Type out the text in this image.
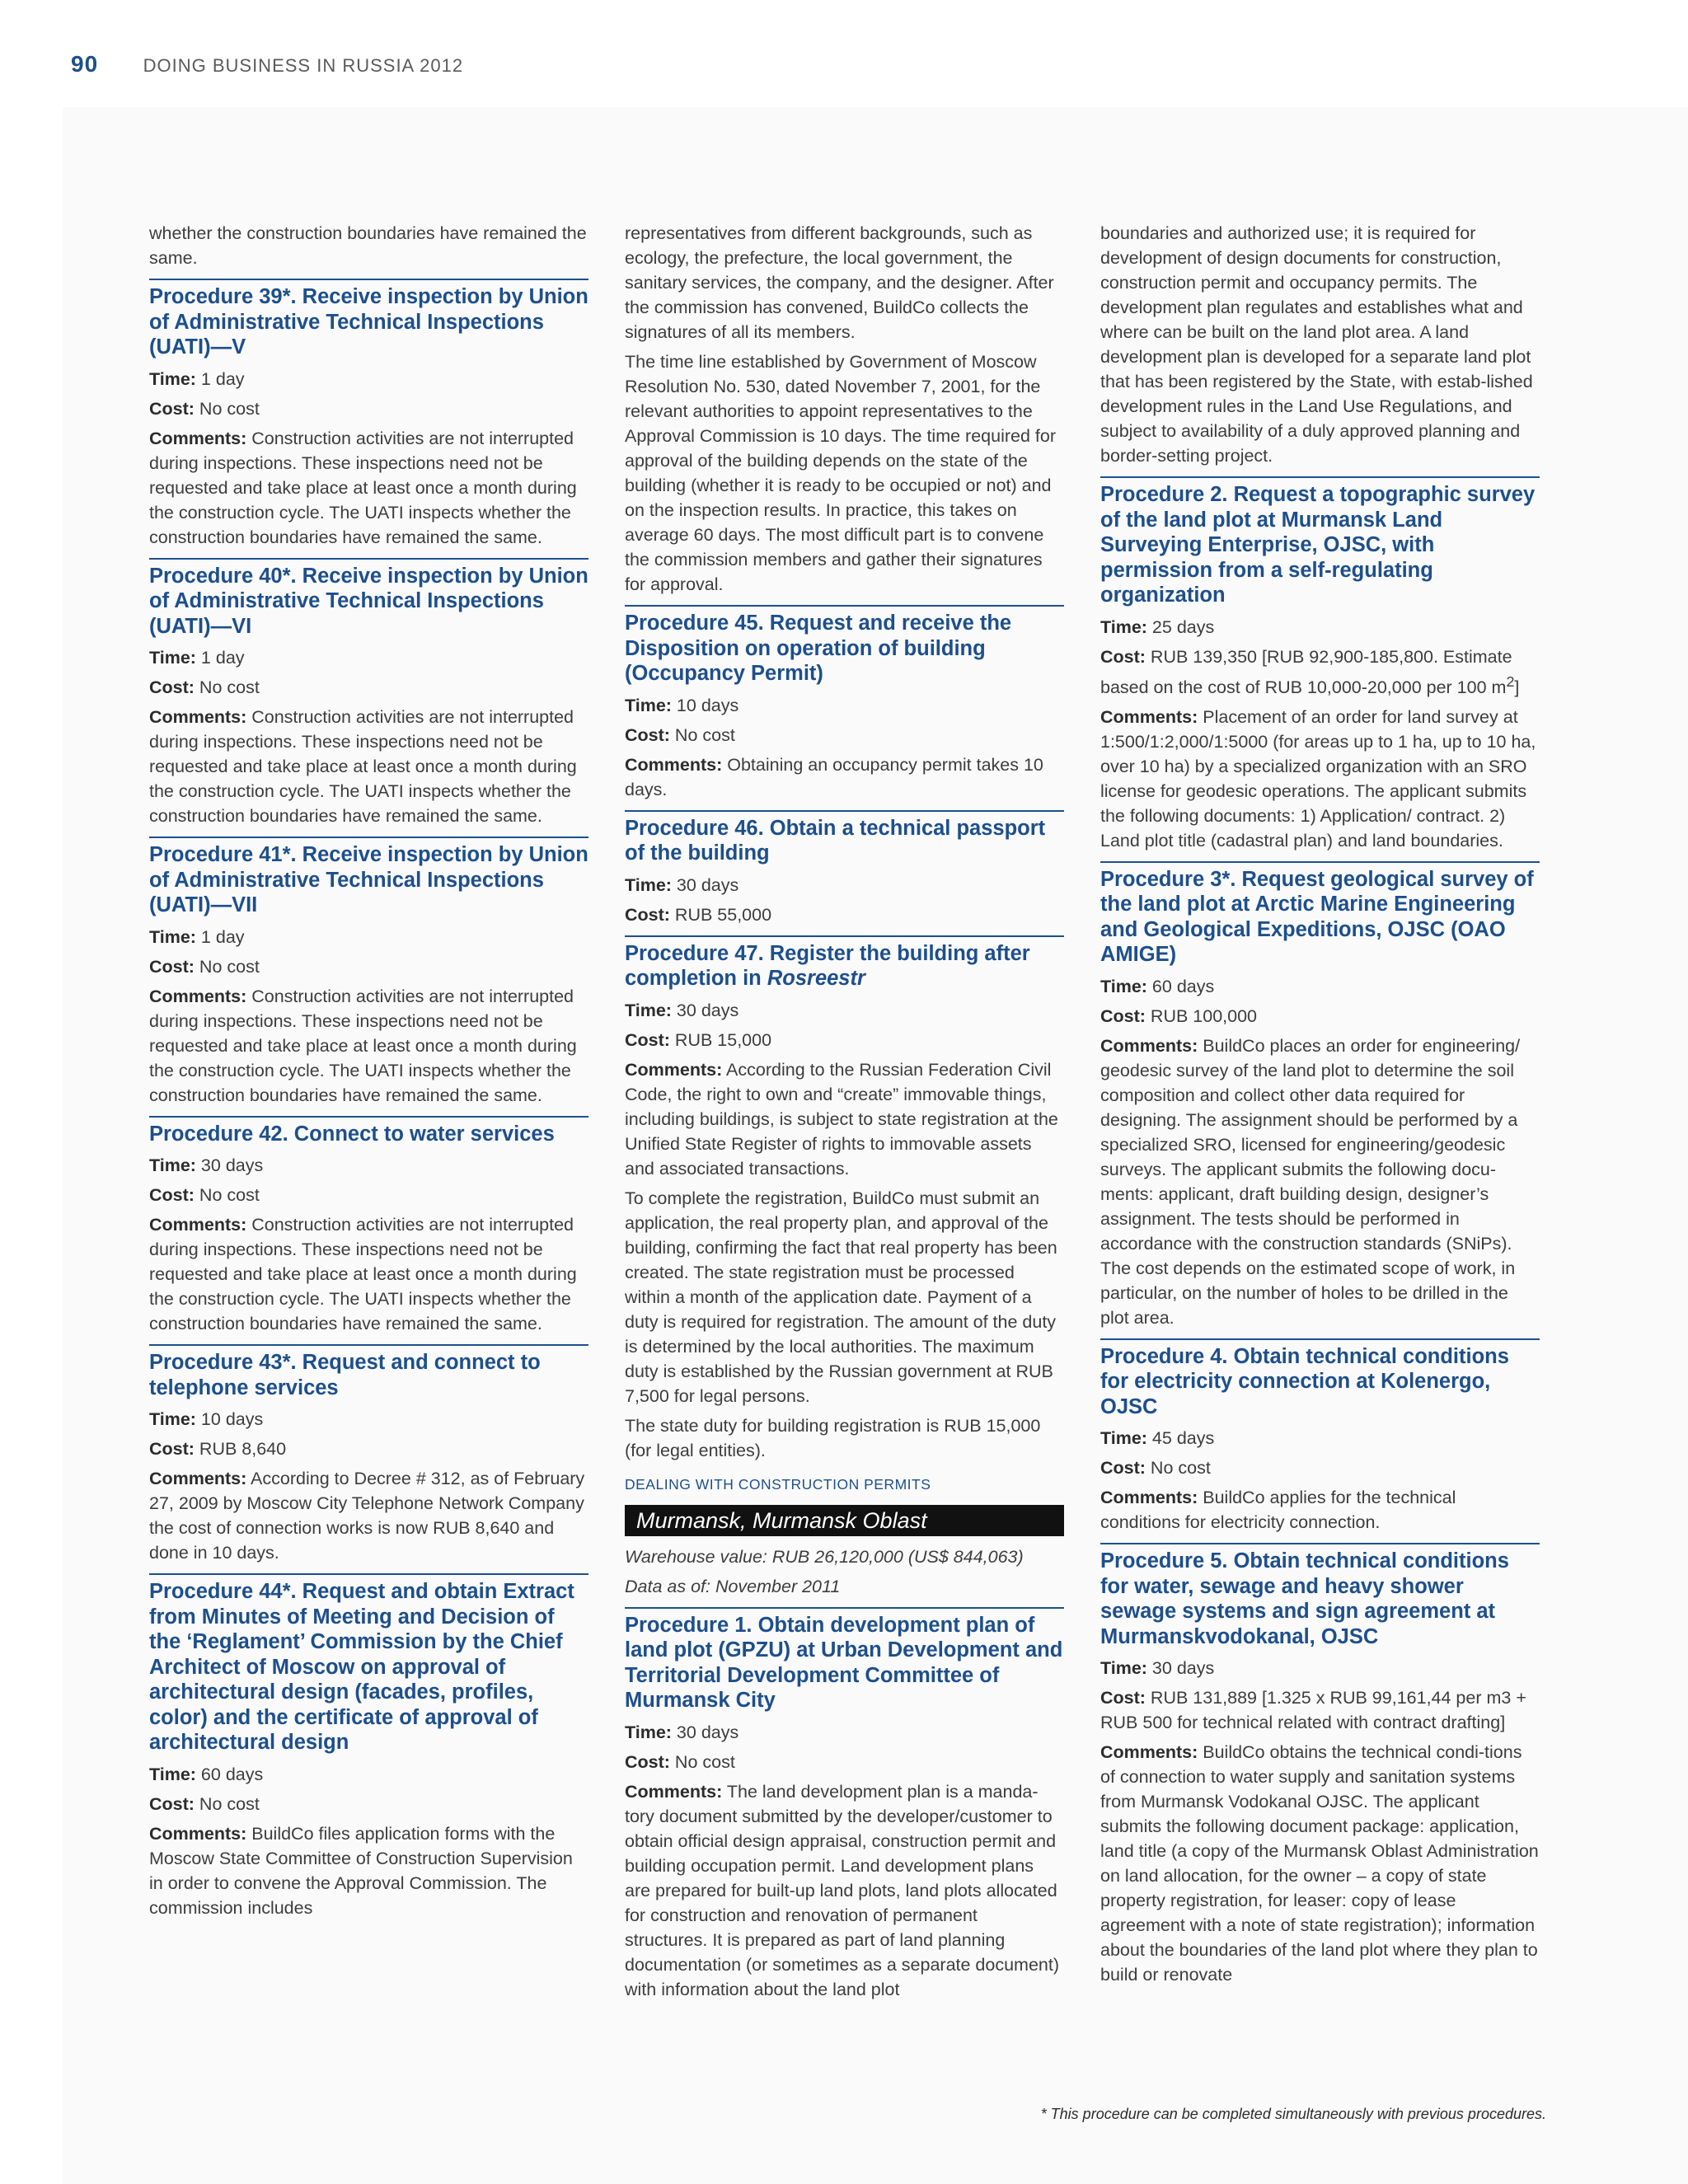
90 DOING BUSINESS IN RUSSIA 2012

whether the construction boundaries have remained the same.

Procedure 39*. Receive inspection by Union of Administrative Technical Inspections (UATI)—V

Time: 1 day

Cost: No cost

Comments: Construction activities are not interrupted during inspections. These inspections need not be requested and take place at least once a month during the construction cycle. The UATI inspects whether the construction boundaries have remained the same.

Procedure 40*. Receive inspection by Union of Administrative Technical Inspections (UATI)—VI

Time: 1 day

Cost: No cost

Comments: Construction activities are not interrupted during inspections. These inspections need not be requested and take place at least once a month during the construction cycle. The UATI inspects whether the construction boundaries have remained the same.

Procedure 41*. Receive inspection by Union of Administrative Technical Inspections (UATI)—VII

Time: 1 day

Cost: No cost

Comments: Construction activities are not interrupted during inspections. These inspections need not be requested and take place at least once a month during the construction cycle. The UATI inspects whether the construction boundaries have remained the same.

Procedure 42. Connect to water services

Time: 30 days

Cost: No cost

Comments: Construction activities are not interrupted during inspections. These inspections need not be requested and take place at least once a month during the construction cycle. The UATI inspects whether the construction boundaries have remained the same.

Procedure 43*. Request and connect to telephone services

Time: 10 days

Cost: RUB 8,640

Comments: According to Decree # 312, as of February 27, 2009 by Moscow City Telephone Network Company the cost of connection works is now RUB 8,640 and done in 10 days.

Procedure 44*. Request and obtain Extract from Minutes of Meeting and Decision of the ‘Reglament’ Commission by the Chief Architect of Moscow on approval of architectural design (facades, profiles, color) and the certificate of approval of architectural design

Time: 60 days

Cost: No cost

Comments: BuildCo files application forms with the Moscow State Committee of Construction Supervision in order to convene the Approval Commission. The commission includes

representatives from different backgrounds, such as ecology, the prefecture, the local government, the sanitary services, the company, and the designer. After the commission has convened, BuildCo collects the signatures of all its members.

The time line established by Government of Moscow Resolution No. 530, dated November 7, 2001, for the relevant authorities to appoint representatives to the Approval Commission is 10 days. The time required for approval of the building depends on the state of the building (whether it is ready to be occupied or not) and on the inspection results. In practice, this takes on average 60 days. The most difficult part is to convene the commission members and gather their signatures for approval.

Procedure 45. Request and receive the Disposition on operation of building (Occupancy Permit)

Time: 10 days

Cost: No cost

Comments: Obtaining an occupancy permit takes 10 days.

Procedure 46. Obtain a technical passport of the building

Time: 30 days

Cost: RUB 55,000

Procedure 47. Register the building after completion in Rosreestr

Time: 30 days

Cost: RUB 15,000

Comments: According to the Russian Federation Civil Code, the right to own and “create” immovable things, including buildings, is subject to state registration at the Unified State Register of rights to immovable assets and associated transactions.

To complete the registration, BuildCo must submit an application, the real property plan, and approval of the building, confirming the fact that real property has been created. The state registration must be processed within a month of the application date. Payment of a duty is required for registration. The amount of the duty is determined by the local authorities. The maximum duty is established by the Russian government at RUB 7,500 for legal persons.

The state duty for building registration is RUB 15,000 (for legal entities).

DEALING WITH CONSTRUCTION PERMITS
Murmansk, Murmansk Oblast

Warehouse value: RUB 26,120,000 (US$ 844,063)

Data as of: November 2011

Procedure 1. Obtain development plan of land plot (GPZU) at Urban Development and Territorial Development Committee of Murmansk City

Time: 30 days

Cost: No cost

Comments: The land development plan is a manda-tory document submitted by the developer/customer to obtain official design appraisal, construction permit and building occupation permit. Land development plans are prepared for built-up land plots, land plots allocated for construction and renovation of permanent structures. It is prepared as part of land planning documentation (or sometimes as a separate document) with information about the land plot

boundaries and authorized use; it is required for development of design documents for construction, construction permit and occupancy permits. The development plan regulates and establishes what and where can be built on the land plot area. A land development plan is developed for a separate land plot that has been registered by the State, with estab-lished development rules in the Land Use Regulations, and subject to availability of a duly approved planning and border-setting project.

Procedure 2. Request a topographic survey of the land plot at Murmansk Land Surveying Enterprise, OJSC, with permission from a self-regulating organization

Time: 25 days

Cost: RUB 139,350 [RUB 92,900-185,800. Estimate based on the cost of RUB 10,000-20,000 per 100 $m^2$]

Comments: Placement of an order for land survey at 1:500/1:2,000/1:5000 (for areas up to 1 ha, up to 10 ha, over 10 ha) by a specialized organization with an SRO license for geodesic operations. The applicant submits the following documents: 1) Application/ contract. 2) Land plot title (cadastral plan) and land boundaries.

Procedure 3*. Request geological survey of the land plot at Arctic Marine Engineering and Geological Expeditions, OJSC (OAO AMIGE)

Time: 60 days

Cost: RUB 100,000

Comments: BuildCo places an order for engineering/ geodesic survey of the land plot to determine the soil composition and collect other data required for designing. The assignment should be performed by a specialized SRO, licensed for engineering/geodesic surveys. The applicant submits the following docu-ments: applicant, draft building design, designer’s assignment. The tests should be performed in accordance with the construction standards (SNiPs). The cost depends on the estimated scope of work, in particular, on the number of holes to be drilled in the plot area.

Procedure 4. Obtain technical conditions for electricity connection at Kolenergo, OJSC

Time: 45 days

Cost: No cost

Comments: BuildCo applies for the technical conditions for electricity connection.

Procedure 5. Obtain technical conditions for water, sewage and heavy shower sewage systems and sign agreement at Murmanskvodokanal, OJSC

Time: 30 days

Cost: RUB 131,889 [1.325 x RUB 99,161,44 per m3 + RUB 500 for technical related with contract drafting]

Comments: BuildCo obtains the technical condi-tions of connection to water supply and sanitation systems from Murmansk Vodokanal OJSC. The applicant submits the following document package: application, land title (a copy of the Murmansk Oblast Administration on land allocation, for the owner – a copy of state property registration, for leaser: copy of lease agreement with a note of state registration); information about the boundaries of the land plot where they plan to build or renovate

* This procedure can be completed simultaneously with previous procedures.
